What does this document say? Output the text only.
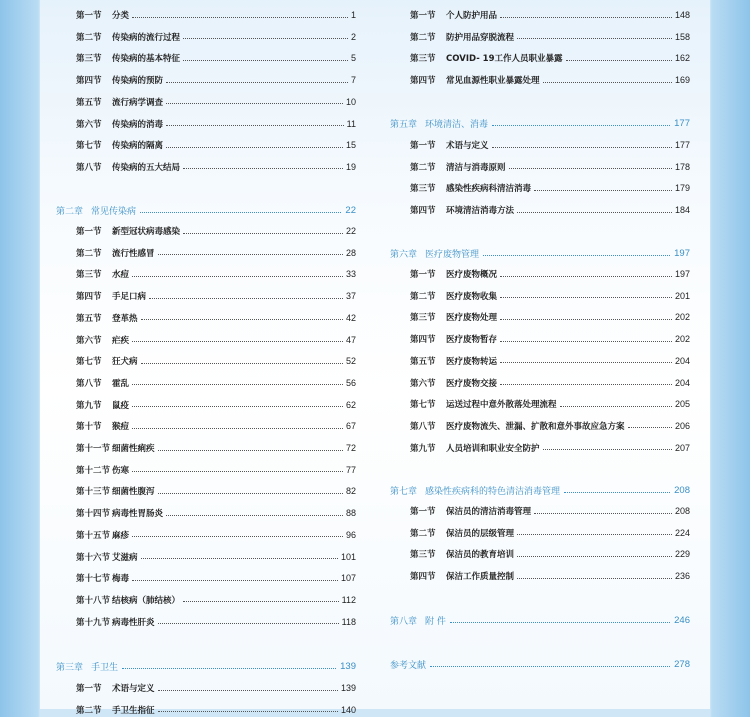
第一节	分类	1
第二节	传染病的流行过程	2
第三节	传染病的基本特征	5
第四节	传染病的预防	7
第五节	流行病学调查	10
第六节	传染病的消毒	11
第七节	传染病的隔离	15
第八节	传染病的五大结局	19
第二章 常见传染病	22
第一节	新型冠状病毒感染	22
第二节	流行性感冒	28
第三节	水痘	33
第四节	手足口病	37
第五节	登革热	42
第六节	疟疾	47
第七节	狂犬病	52
第八节	霍乱	56
第九节	鼠疫	62
第十节	猴痘	67
第十一节 细菌性痢疾	72
第十二节 伤寒	77
第十三节 细菌性腹泻	82
第十四节 病毒性胃肠炎	88
第十五节 麻疹	96
第十六节 艾滋病	101
第十七节 梅毒	107
第十八节 结核病（肺结核）	112
第十九节 病毒性肝炎	118
第三章 手卫生	139
第一节	术语与定义	139
第二节	手卫生指征	140
第一节	个人防护用品	148
第二节	防护用品穿脱流程	158
第三节	COVID- 19工作人员职业暴露	162
第四节	常见血源性职业暴露处理	169
第五章 环境清洁、消毒	177
第一节	术语与定义	177
第二节	清洁与消毒原则	178
第三节	感染性疾病科清洁消毒	179
第四节	环境清洁消毒方法	184
第六章 医疗废物管理	197
第一节	医疗废物概况	197
第二节	医疗废物收集	201
第三节	医疗废物处理	202
第四节	医疗废物暂存	202
第五节	医疗废物转运	204
第六节	医疗废物交接	204
第七节	运送过程中意外散落处理流程	205
第八节	医疗废物流失、泄漏、扩散和意外事故应急方案	206
第九节	人员培训和职业安全防护	207
第七章 感染性疾病科的特色清洁消毒管理	208
第一节	保洁员的清洁消毒管理	208
第二节	保洁员的层级管理	224
第三节	保洁员的教育培训	229
第四节	保洁工作质量控制	236
第八章 附 件	246
参考文献	278
